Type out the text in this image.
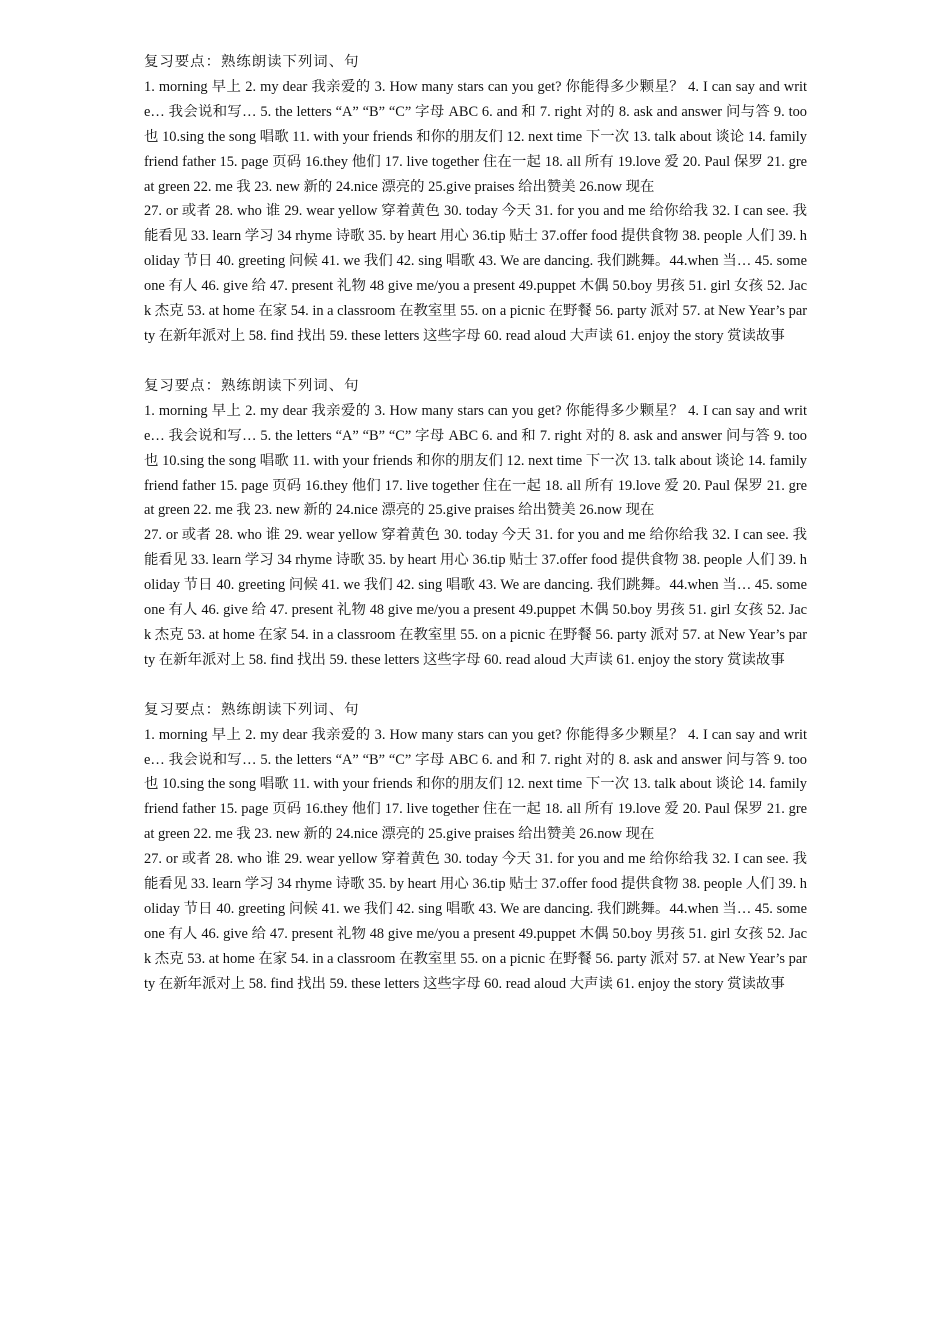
复习要点：熟练朗读下列词、句

1. morning 早上 2. my dear 我亲爱的 3. How many stars can you get? 你能得多少颗星？ 4. I can say and write… 我会说和写… 5. the letters “A” “B” “C” 字母 ABC 6. and 和 7. right 对的 8. ask and answer 问与答 9. too 也 10.sing the song 唱歌 11. with your friends 和你的朋友们 12. next time 下一次 13. talk about 谈论 14. family friend father 15. page 页码 16.they 他们 17. live together 住在一起 18. all 所有 19.love 爱 20. Paul 保罗 21. great green 22. me 我 23. new 新的 24.nice 漂亮的 25.give praises 给出赞美 26.now 现在

27. or 或者 28. who 谁 29. wear yellow 穿着黄色 30. today 今天 31. for you and me 给你给我 32. I can see. 我能看见 33. learn 学习 34 rhyme 诗歌 35. by heart 用心 36.tip 贴士 37.offer food 提供食物 38. people 人们 39. holiday 节日 40. greeting 问候 41. we 我们 42. sing 唱歌 43. We are dancing. 我们跳舞。44.when 当… 45. someone 有人 46. give 给 47. present 礼物 48 give me/you a present 49.puppet 木偶 50.boy 男孩 51. girl 女孩 52. Jack 杰克 53. at home 在家 54. in a classroom 在教室里 55. on a picnic 在野餐 56. party 派对 57. at New Year’s party 在新年派对上 58. find 找出 59. these letters 这些字母 60. read aloud 大声读 61. enjoy the story 赏读故事

复习要点：熟练朗读下列词、句

1. morning 早上 2. my dear 我亲爱的 3. How many stars can you get? 你能得多少颗星？ 4. I can say and write… 我会说和写… 5. the letters “A” “B” “C” 字母 ABC 6. and 和 7. right 对的 8. ask and answer 问与答 9. too 也 10.sing the song 唱歌 11. with your friends 和你的朋友们 12. next time 下一次 13. talk about 谈论 14. family friend father 15. page 页码 16.they 他们 17. live together 住在一起 18. all 所有 19.love 爱 20. Paul 保罗 21. great green 22. me 我 23. new 新的 24.nice 漂亮的 25.give praises 给出赞美 26.now 现在

27. or 或者 28. who 谁 29. wear yellow 穿着黄色 30. today 今天 31. for you and me 给你给我 32. I can see. 我能看见 33. learn 学习 34 rhyme 诗歌 35. by heart 用心 36.tip 贴士 37.offer food 提供食物 38. people 人们 39. holiday 节日 40. greeting 问候 41. we 我们 42. sing 唱歌 43. We are dancing. 我们跳舞。44.when 当… 45. someone 有人 46. give 给 47. present 礼物 48 give me/you a present 49.puppet 木偶 50.boy 男孩 51. girl 女孩 52. Jack 杰克 53. at home 在家 54. in a classroom 在教室里 55. on a picnic 在野餐 56. party 派对 57. at New Year’s party 在新年派对上 58. find 找出 59. these letters 这些字母 60. read aloud 大声读 61. enjoy the story 赏读故事

复习要点：熟练朗读下列词、句

1. morning 早上 2. my dear 我亲爱的 3. How many stars can you get? 你能得多少颗星？ 4. I can say and write… 我会说和写… 5. the letters “A” “B” “C” 字母 ABC 6. and 和 7. right 对的 8. ask and answer 问与答 9. too 也 10.sing the song 唱歌 11. with your friends 和你的朋友们 12. next time 下一次 13. talk about 谈论 14. family friend father 15. page 页码 16.they 他们 17. live together 住在一起 18. all 所有 19.love 爱 20. Paul 保罗 21. great green 22. me 我 23. new 新的 24.nice 漂亮的 25.give praises 给出赞美 26.now 现在

27. or 或者 28. who 谁 29. wear yellow 穿着黄色 30. today 今天 31. for you and me 给你给我 32. I can see. 我能看见 33. learn 学习 34 rhyme 诗歌 35. by heart 用心 36.tip 贴士 37.offer food 提供食物 38. people 人们 39. holiday 节日 40. greeting 问候 41. we 我们 42. sing 唱歌 43. We are dancing. 我们跳舞。44.when 当… 45. someone 有人 46. give 给 47. present 礼物 48 give me/you a present 49.puppet 木偶 50.boy 男孩 51. girl 女孩 52. Jack 杰克 53. at home 在家 54. in a classroom 在教室里 55. on a picnic 在野餐 56. party 派对 57. at New Year’s party 在新年派对上 58. find 找出 59. these letters 这些字母 60. read aloud 大声读 61. enjoy the story 赏读故事
